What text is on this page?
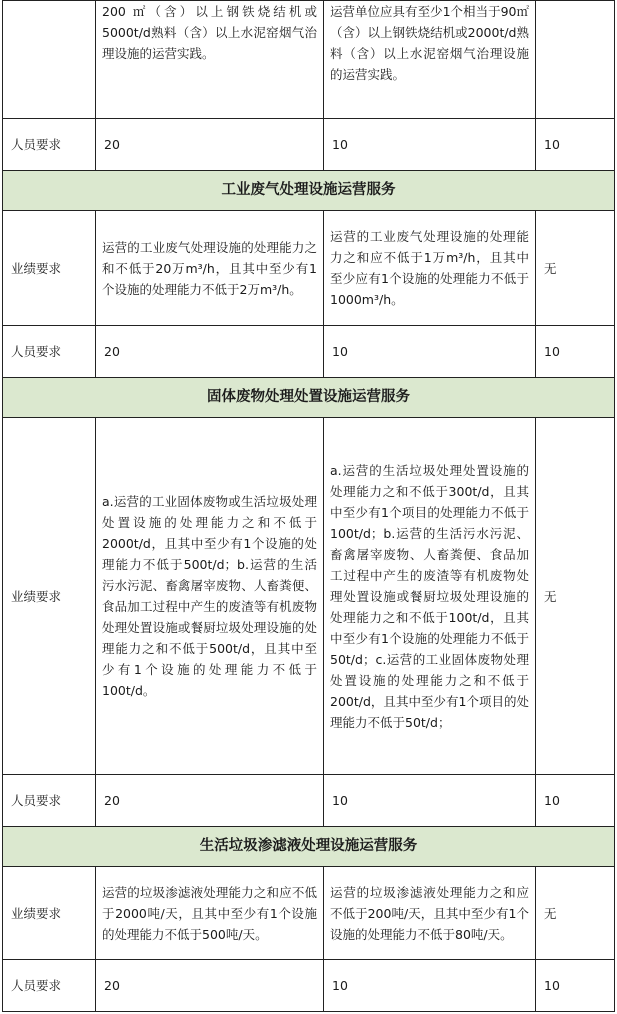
	200 ㎡（含）以上钢铁烧结机或5000t/d熟料（含）以上水泥窑烟气治理设施的运营实践。	运营单位应具有至少1个相当于90㎡（含）以上钢铁烧结机或2000t/d熟料（含）以上水泥窑烟气治理设施的运营实践。	
人员要求	20	10	10
工业废气处理设施运营服务			
业绩要求	运营的工业废气处理设施的处理能力之和不低于20万m³/h，且其中至少有1个设施的处理能力不低于2万m³/h。	运营的工业废气处理设施的处理能力之和应不低于1万m³/h，且其中至少应有1个设施的处理能力不低于1000m³/h。	无
人员要求	20	10	10
固体废物处理处置设施运营服务			
业绩要求	a.运营的工业固体废物或生活垃圾处理处置设施的处理能力之和不低于2000t/d，且其中至少有1个设施的处理能力不低于500t/d；b.运营的生活污水污泥、畜禽屠宰废物、人畜粪便、食品加工过程中产生的废渣等有机废物处理处置设施或餐厨垃圾处理设施的处理能力之和不低于500t/d，且其中至少有1个设施的处理能力不低于100t/d。	a.运营的生活垃圾处理处置设施的处理能力之和不低于300t/d，且其中至少有1个项目的处理能力不低于100t/d；b.运营的生活污水污泥、畜禽屠宰废物、人畜粪便、食品加工过程中产生的废渣等有机废物处理处置设施或餐厨垃圾处理设施的处理能力之和不低于100t/d，且其中至少有1个设施的处理能力不低于50t/d；c.运营的工业固体废物处理处置设施的处理能力之和不低于200t/d，且其中至少有1个项目的处理能力不低于50t/d；	无
人员要求	20	10	10
生活垃圾渗滤液处理设施运营服务			
业绩要求	运营的垃圾渗滤液处理能力之和应不低于2000吨/天，且其中至少有1个设施的处理能力不低于500吨/天。	运营的垃圾渗滤液处理能力之和应不低于200吨/天，且其中至少有1个设施的处理能力不低于80吨/天。	无
人员要求	20	10	10
